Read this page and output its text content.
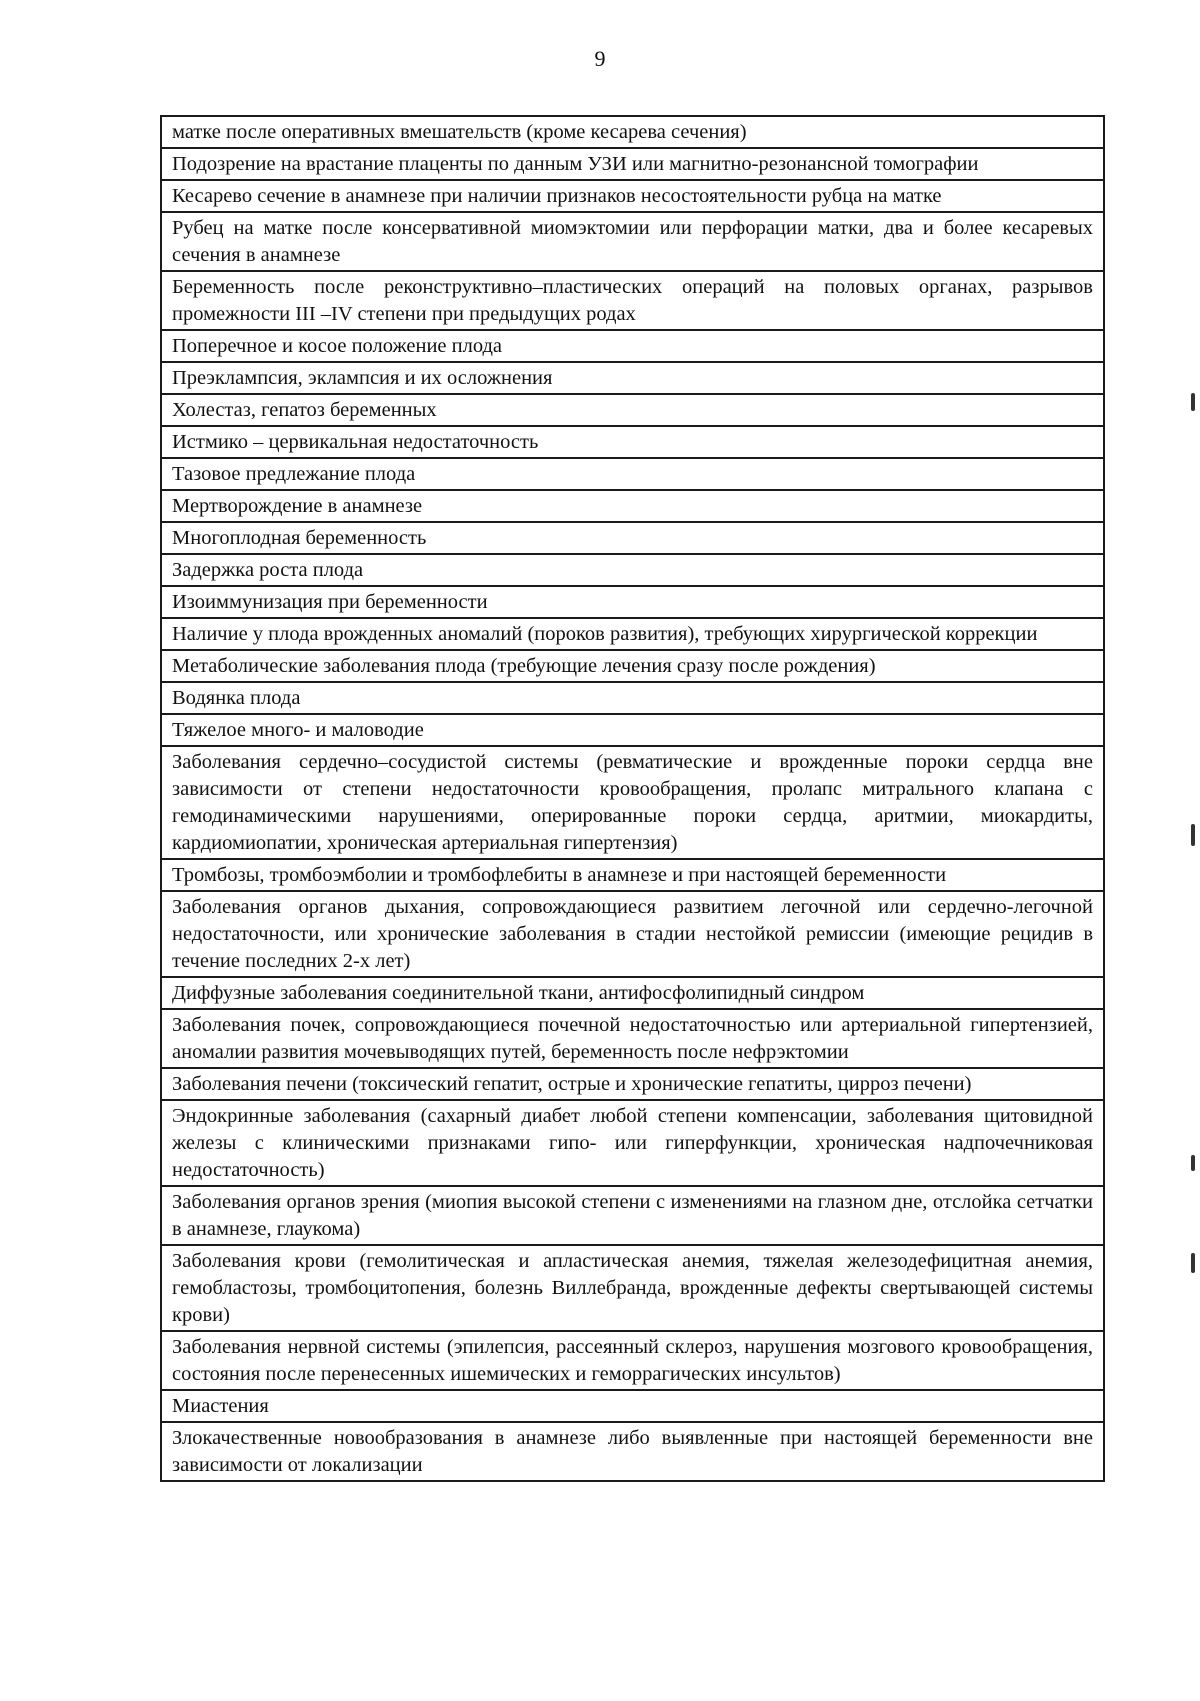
9
матке после оперативных вмешательств (кроме кесарева сечения)
Подозрение на врастание плаценты по данным УЗИ или магнитно-резонансной томографии
Кесарево сечение в анамнезе при наличии признаков несостоятельности рубца на матке
Рубец на матке после консервативной миомэктомии или перфорации матки, два и более кесаревых сечения в анамнезе
Беременность после реконструктивно–пластических операций на половых органах, разрывов промежности III –IV степени при предыдущих родах
Поперечное и косое положение плода
Преэклампсия, эклампсия и их осложнения
Холестаз, гепатоз беременных
Истмико – цервикальная недостаточность
Тазовое предлежание плода
Мертворождение в анамнезе
Многоплодная беременность
Задержка роста плода
Изоиммунизация при беременности
Наличие у плода врожденных аномалий (пороков развития), требующих хирургической коррекции
Метаболические заболевания плода (требующие лечения сразу после рождения)
Водянка плода
Тяжелое много- и маловодие
Заболевания сердечно–сосудистой системы (ревматические и врожденные пороки сердца вне зависимости от степени недостаточности кровообращения, пролапс митрального клапана с гемодинамическими нарушениями, оперированные пороки сердца, аритмии, миокардиты, кардиомиопатии, хроническая артериальная гипертензия)
Тромбозы, тромбоэмболии и тромбофлебиты в анамнезе и при настоящей беременности
Заболевания органов дыхания, сопровождающиеся развитием легочной или сердечно-легочной недостаточности, или хронические заболевания в стадии нестойкой ремиссии (имеющие рецидив в течение последних 2-х лет)
Диффузные заболевания соединительной ткани, антифосфолипидный синдром
Заболевания почек, сопровождающиеся почечной недостаточностью или артериальной гипертензией, аномалии развития мочевыводящих путей, беременность после нефрэктомии
Заболевания печени (токсический гепатит, острые и хронические гепатиты, цирроз печени)
Эндокринные заболевания (сахарный диабет любой степени компенсации, заболевания щитовидной железы с клиническими признаками гипо- или гиперфункции, хроническая надпочечниковая недостаточность)
Заболевания органов зрения (миопия высокой степени с изменениями на глазном дне, отслойка сетчатки в анамнезе, глаукома)
Заболевания крови (гемолитическая и апластическая анемия, тяжелая железодефицитная анемия, гемобластозы, тромбоцитопения, болезнь Виллебранда, врожденные дефекты свертывающей системы крови)
Заболевания нервной системы (эпилепсия, рассеянный склероз, нарушения мозгового кровообращения, состояния после перенесенных ишемических и геморрагических инсультов)
Миастения
Злокачественные новообразования в анамнезе либо выявленные при настоящей беременности вне зависимости от локализации
